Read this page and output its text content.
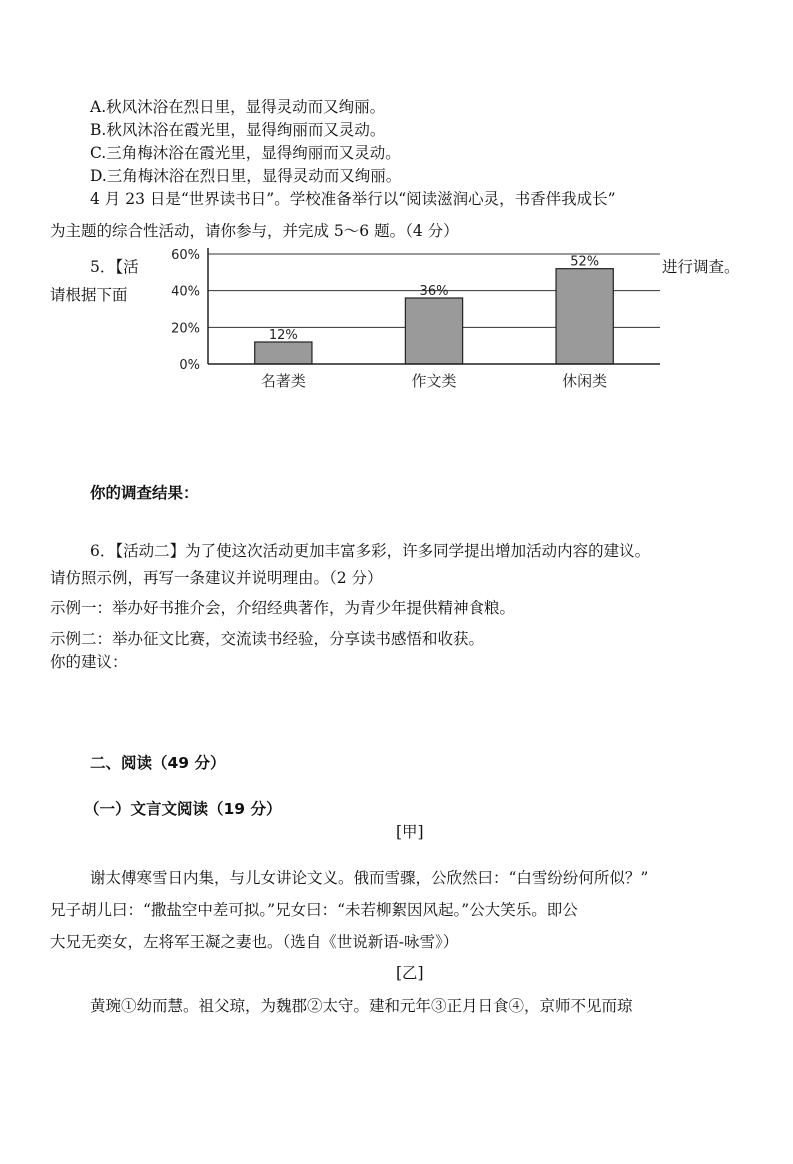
A.秋风沐浴在烈日里，显得灵动而又绚丽。
B.秋风沐浴在霞光里，显得绚丽而又灵动。
C.三角梅沐浴在霞光里，显得绚丽而又灵动。
D.三角梅沐浴在烈日里，显得灵动而又绚丽。
4 月 23 日是“世界读书日”。学校准备举行以“阅读滋润心灵，书香伴我成长”
为主题的综合性活动，请你参与，并完成 5～6 题。（4 分）
5．【活	进行调查。
请根据下面
12%
36%
52%
0%
20%
40%
60%
名著类	作文类	休闲类
你的调查结果：
6．【活动二】为了使这次活动更加丰富多彩，许多同学提出增加活动内容的建议。
请仿照示例，再写一条建议并说明理由。（2 分）
示例一：举办好书推介会，介绍经典著作，为青少年提供精神食粮。
示例二：举办征文比赛，交流读书经验，分享读书感悟和收获。
你的建议：
二、阅读（49 分）
（一）文言文阅读（19 分）
[甲]
谢太傅寒雪日内集，与儿女讲论文义。俄而雪骤，公欣然曰：“白雪纷纷何所似？”
兄子胡儿曰：“撒盐空中差可拟。”兄女曰：“未若柳絮因风起。”公大笑乐。即公
大兄无奕女，左将军王凝之妻也。（选自《世说新语-咏雪》）
[乙]
黄琬①幼而慧。祖父琼，为魏郡②太守。建和元年③正月日食④，京师不见而琼
